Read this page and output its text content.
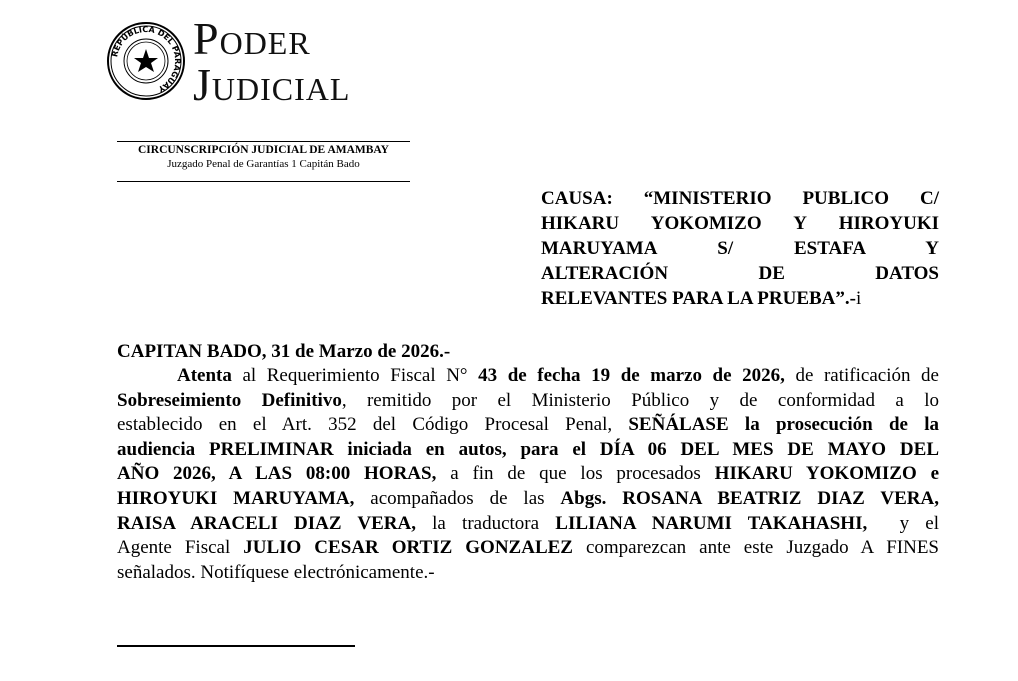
REPÚBLICA DEL PARAGUAY
Poder
Judicial
CIRCUNSCRIPCIÓN JUDICIAL DE AMAMBAY
Juzgado Penal de Garantías 1 Capitán Bado
CAUSA: “MINISTERIO PUBLICO C/
HIKARU YOKOMIZO Y HIROYUKI
MARUYAMA S/ ESTAFA Y
ALTERACIÓN DE DATOS
RELEVANTES PARA LA PRUEBA”.-i
CAPITAN BADO, 31 de Marzo de 2026.-
Atenta al Requerimiento Fiscal N° 43 de fecha 19 de marzo de 2026, de ratificación de
Sobreseimiento Definitivo, remitido por el Ministerio Público y de conformidad a lo
establecido en el Art. 352 del Código Procesal Penal, SEÑÁLASE la prosecución de la
audiencia PRELIMINAR iniciada en autos, para el DÍA 06 DEL MES DE MAYO DEL
AÑO 2026, A LAS 08:00 HORAS, a fin de que los procesados HIKARU YOKOMIZO e
HIROYUKI MARUYAMA, acompañados de las Abgs. ROSANA BEATRIZ DIAZ VERA,
RAISA ARACELI DIAZ VERA, la traductora LILIANA NARUMI TAKAHASHI,  y el
Agente Fiscal JULIO CESAR ORTIZ GONZALEZ comparezcan ante este Juzgado A FINES
señalados. Notifíquese electrónicamente.-
